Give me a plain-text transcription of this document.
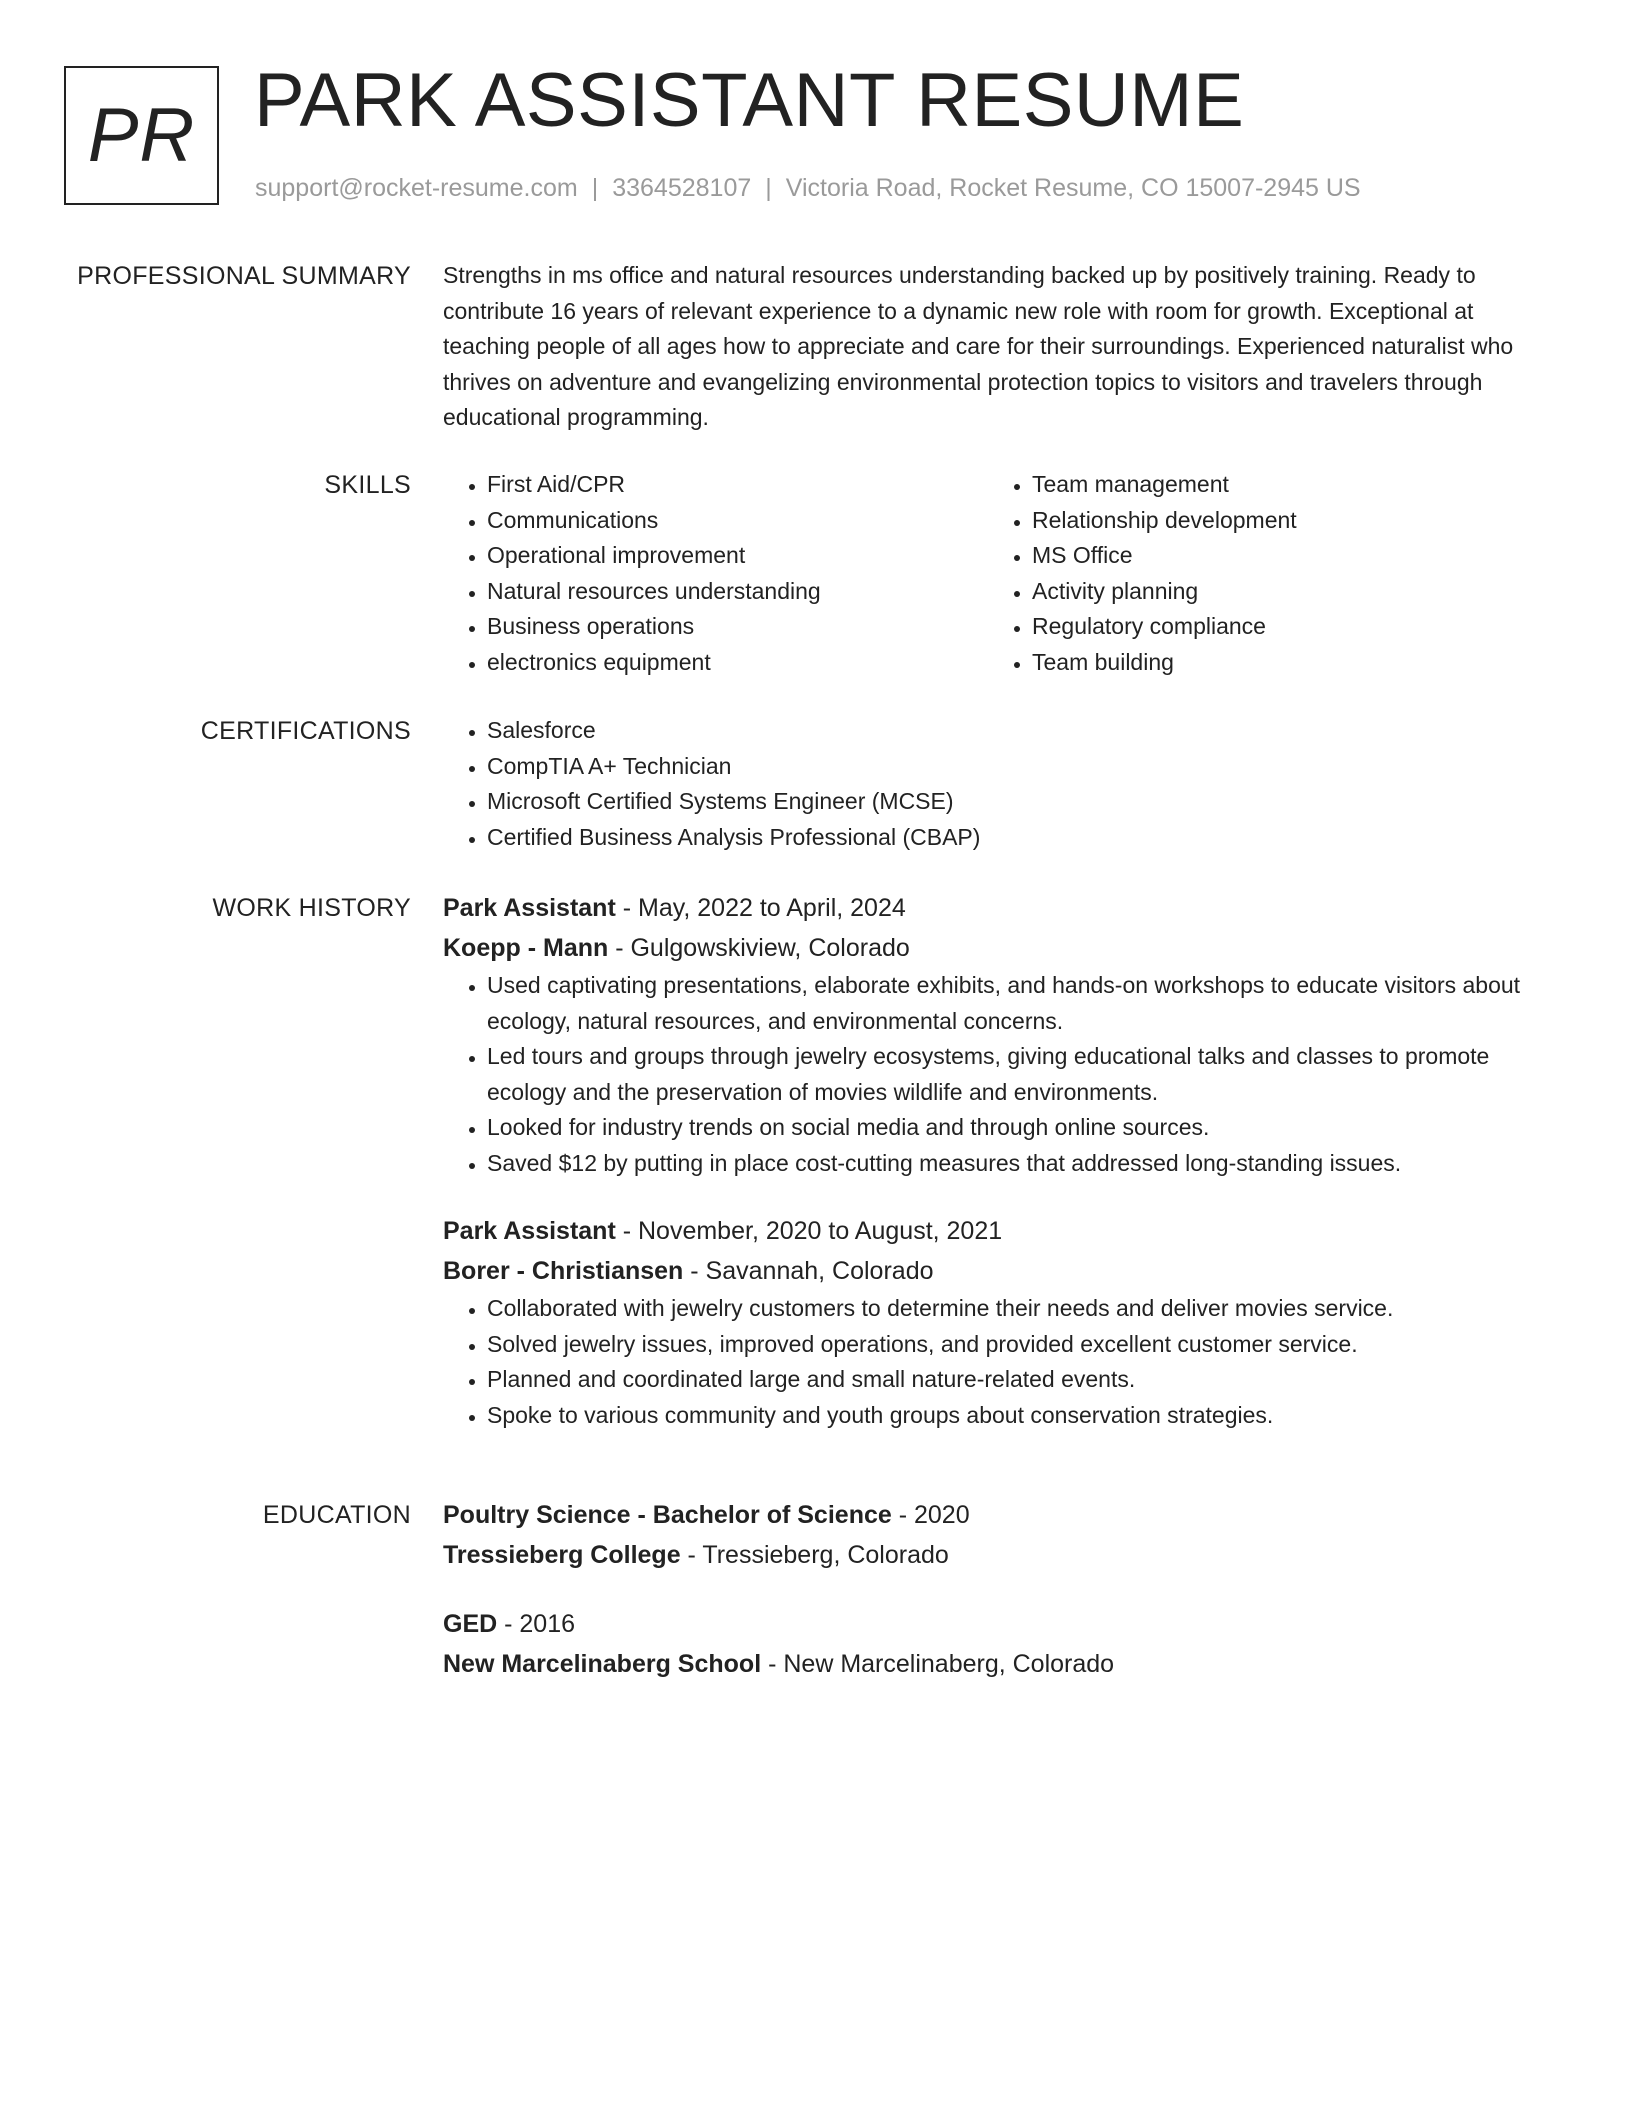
PR PARK ASSISTANT RESUME
support@rocket-resume.com | 3364528107 | Victoria Road, Rocket Resume, CO 15007-2945 US
PROFESSIONAL SUMMARY Strengths in ms office and natural resources understanding backed up by positively training. Ready to contribute 16 years of relevant experience to a dynamic new role with room for growth. Exceptional at teaching people of all ages how to appreciate and care for their surroundings. Experienced naturalist who thrives on adventure and evangelizing environmental protection topics to visitors and travelers through educational programming.

SKILLS	• First Aid/CPR
• Communications
• Operational improvement
• Natural resources understanding
• Business operations
• electronics equipment
• Team management
• Relationship development
• MS Office
• Activity planning
• Regulatory compliance
• Team building
CERTIFICATIONS	• Salesforce
• CompTIA A+ Technician
• Microsoft Certified Systems Engineer (MCSE)
• Certified Business Analysis Professional (CBAP)
WORK HISTORY Park Assistant - May, 2022 to April, 2024
Koepp - Mann - Gulgowskiview, Colorado
• Used captivating presentations, elaborate exhibits, and hands-on workshops to educate visitors about ecology, natural resources, and environmental concerns.
• Led tours and groups through jewelry ecosystems, giving educational talks and classes to promote ecology and the preservation of movies wildlife and environments.
• Looked for industry trends on social media and through online sources.
• Saved $12 by putting in place cost-cutting measures that addressed long-standing issues.
Park Assistant - November, 2020 to August, 2021
Borer - Christiansen - Savannah, Colorado
• Collaborated with jewelry customers to determine their needs and deliver movies service.
• Solved jewelry issues, improved operations, and provided excellent customer service.
• Planned and coordinated large and small nature-related events.
• Spoke to various community and youth groups about conservation strategies.
EDUCATION Poultry Science - Bachelor of Science - 2020
Tressieberg College - Tressieberg, Colorado
GED - 2016
New Marcelinaberg School - New Marcelinaberg, Colorado
